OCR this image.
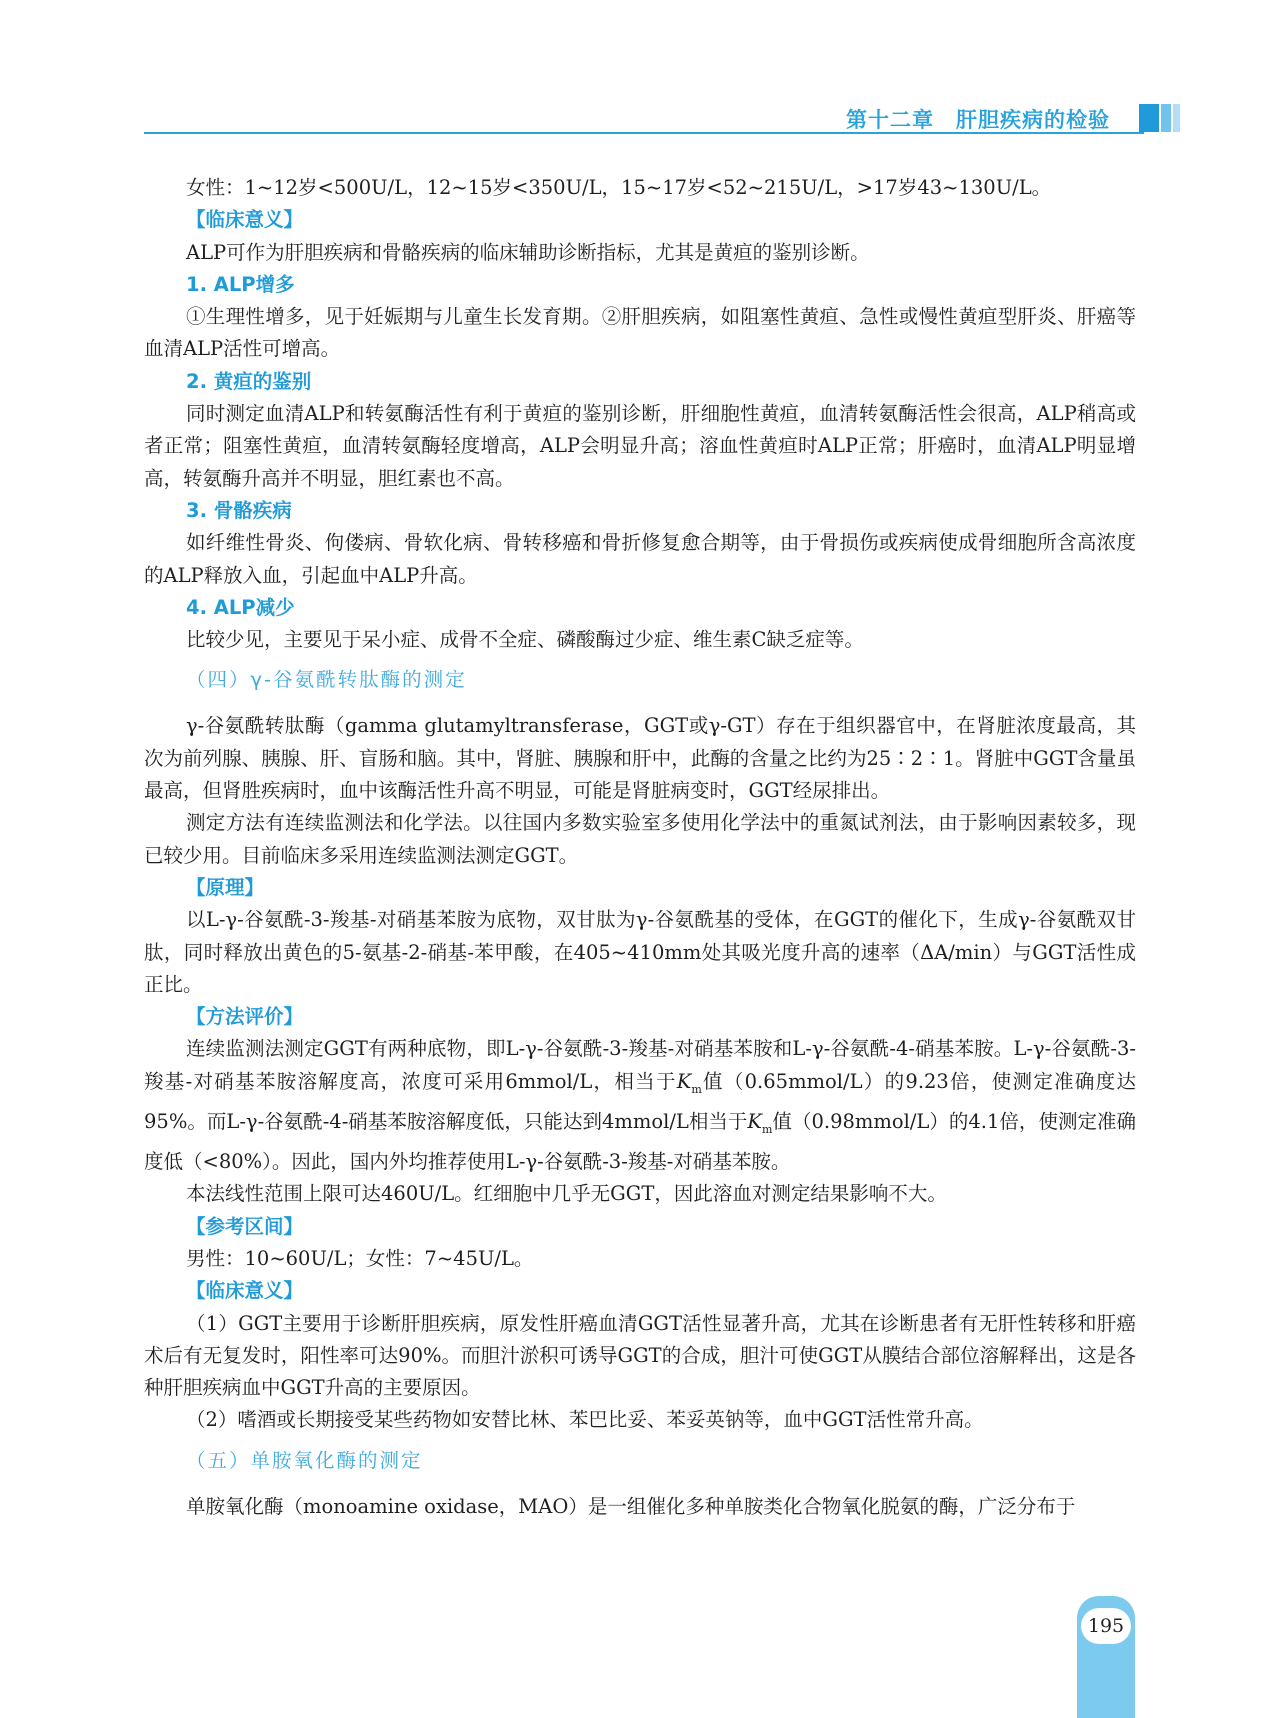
第十二章　肝胆疾病的检验

女性：1~12岁<500U/L，12~15岁<350U/L，15~17岁<52~215U/L，>17岁43~130U/L。

【临床意义】

ALP可作为肝胆疾病和骨骼疾病的临床辅助诊断指标，尤其是黄疸的鉴别诊断。

1. ALP增多

①生理性增多，见于妊娠期与儿童生长发育期。②肝胆疾病，如阻塞性黄疸、急性或慢性黄疸型肝炎、肝癌等血清ALP活性可增高。

2. 黄疸的鉴别

同时测定血清ALP和转氨酶活性有利于黄疸的鉴别诊断，肝细胞性黄疸，血清转氨酶活性会很高，ALP稍高或者正常；阻塞性黄疸，血清转氨酶轻度增高，ALP会明显升高；溶血性黄疸时ALP正常；肝癌时，血清ALP明显增高，转氨酶升高并不明显，胆红素也不高。

3. 骨骼疾病

如纤维性骨炎、佝偻病、骨软化病、骨转移癌和骨折修复愈合期等，由于骨损伤或疾病使成骨细胞所含高浓度的ALP释放入血，引起血中ALP升高。

4. ALP减少

比较少见，主要见于呆小症、成骨不全症、磷酸酶过少症、维生素C缺乏症等。

（四）γ-谷氨酰转肽酶的测定

γ-谷氨酰转肽酶（gamma glutamyltransferase，GGT或γ-GT）存在于组织器官中，在肾脏浓度最高，其次为前列腺、胰腺、肝、盲肠和脑。其中，肾脏、胰腺和肝中，此酶的含量之比约为25∶2∶1。肾脏中GGT含量虽最高，但肾胜疾病时，血中该酶活性升高不明显，可能是肾脏病变时，GGT经尿排出。

测定方法有连续监测法和化学法。以往国内多数实验室多使用化学法中的重氮试剂法，由于影响因素较多，现已较少用。目前临床多采用连续监测法测定GGT。

【原理】

以L-γ-谷氨酰-3-羧基-对硝基苯胺为底物，双甘肽为γ-谷氨酰基的受体，在GGT的催化下，生成γ-谷氨酰双甘肽，同时释放出黄色的5-氨基-2-硝基-苯甲酸，在405~410mm处其吸光度升高的速率（ΔA/min）与GGT活性成正比。

【方法评价】

连续监测法测定GGT有两种底物，即L-γ-谷氨酰-3-羧基-对硝基苯胺和L-γ-谷氨酰-4-硝基苯胺。L-γ-谷氨酰-3-羧基-对硝基苯胺溶解度高，浓度可采用6mmol/L，相当于$K_m$值（0.65mmol/L）的9.23倍，使测定准确度达95%。而L-γ-谷氨酰-4-硝基苯胺溶解度低，只能达到4mmol/L相当于$K_m$值（0.98mmol/L）的4.1倍，使测定准确度低（<80%）。因此，国内外均推荐使用L-γ-谷氨酰-3-羧基-对硝基苯胺。

本法线性范围上限可达460U/L。红细胞中几乎无GGT，因此溶血对测定结果影响不大。

【参考区间】

男性：10~60U/L；女性：7~45U/L。

【临床意义】

（1）GGT主要用于诊断肝胆疾病，原发性肝癌血清GGT活性显著升高，尤其在诊断患者有无肝性转移和肝癌术后有无复发时，阳性率可达90%。而胆汁淤积可诱导GGT的合成，胆汁可使GGT从膜结合部位溶解释出，这是各种肝胆疾病血中GGT升高的主要原因。

（2）嗜酒或长期接受某些药物如安替比林、苯巴比妥、苯妥英钠等，血中GGT活性常升高。

（五）单胺氧化酶的测定

单胺氧化酶（monoamine oxidase，MAO）是一组催化多种单胺类化合物氧化脱氨的酶，广泛分布于

195
